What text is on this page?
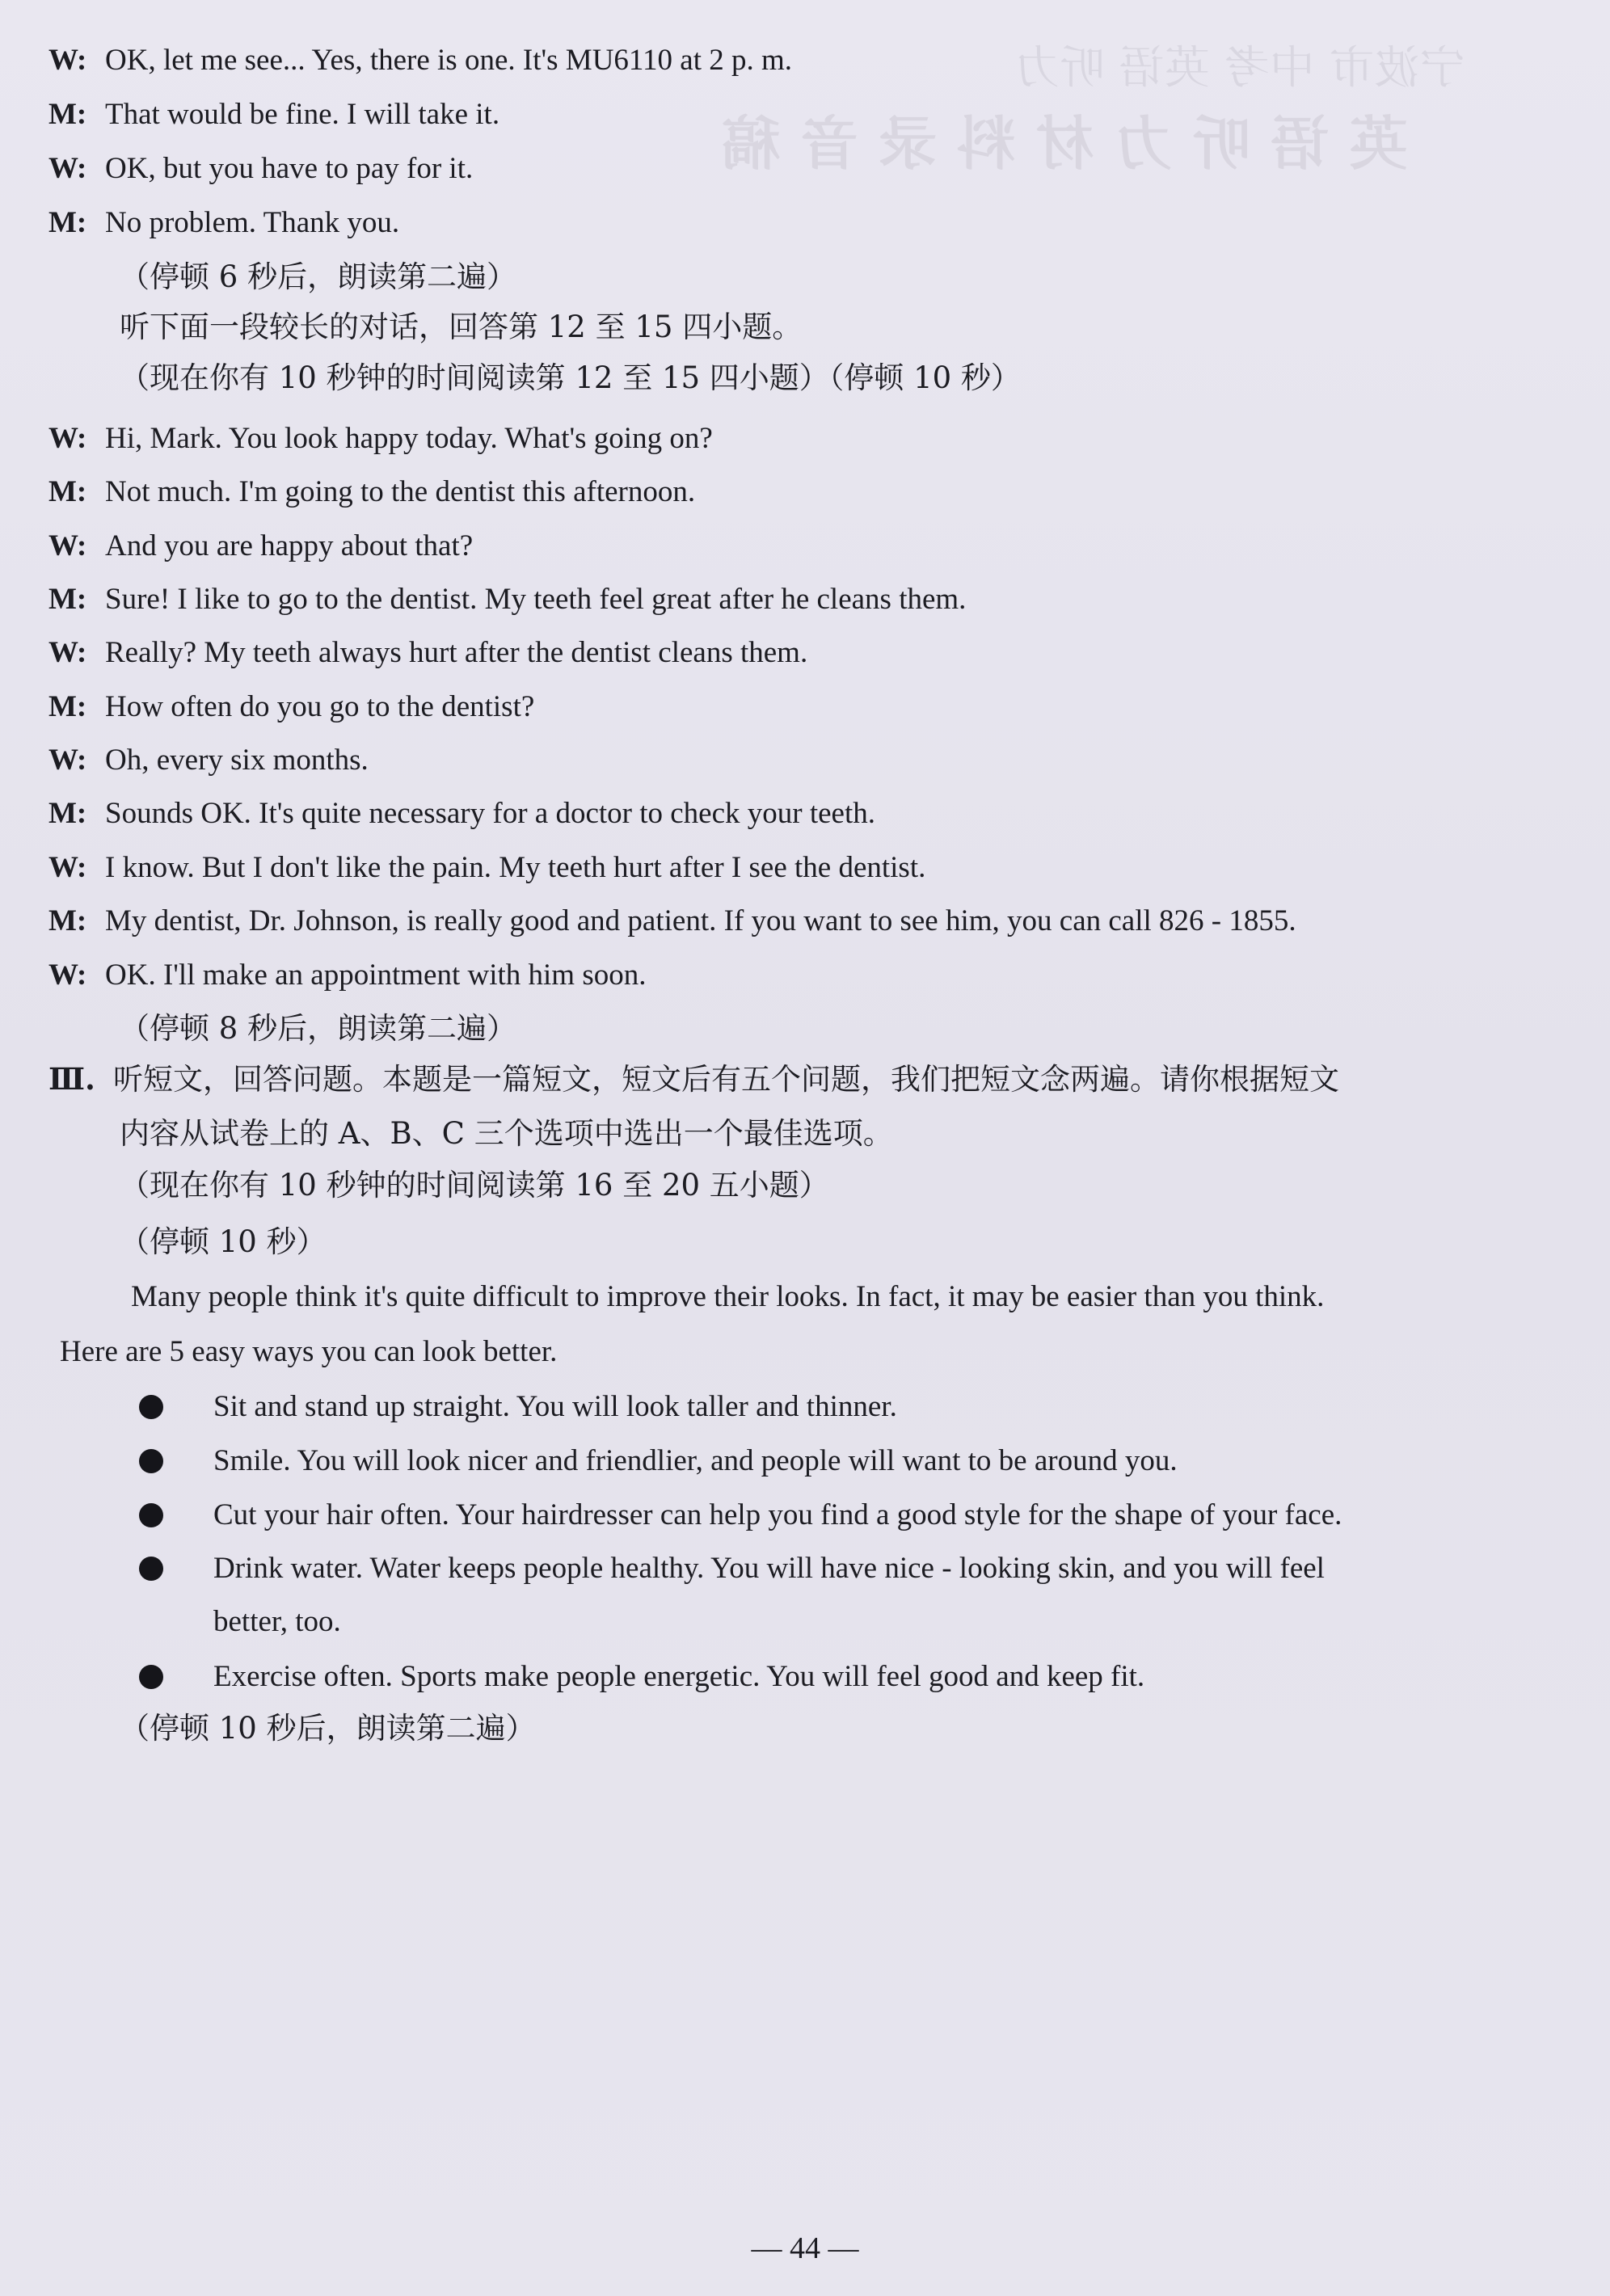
英 语 听 力 材 料 录 音 稿
宁波市 中考 英语 听力
W: OK, let me see... Yes, there is one. It's MU6110 at 2 p. m.
M: That would be fine. I will take it.
W: OK, but you have to pay for it.
M: No problem. Thank you.
（停顿 6 秒后，朗读第二遍）
听下面一段较长的对话，回答第 12 至 15 四小题。
（现在你有 10 秒钟的时间阅读第 12 至 15 四小题）（停顿 10 秒）
W: Hi, Mark. You look happy today. What's going on?
M: Not much. I'm going to the dentist this afternoon.
W: And you are happy about that?
M: Sure! I like to go to the dentist. My teeth feel great after he cleans them.
W: Really? My teeth always hurt after the dentist cleans them.
M: How often do you go to the dentist?
W: Oh, every six months.
M: Sounds OK. It's quite necessary for a doctor to check your teeth.
W: I know. But I don't like the pain. My teeth hurt after I see the dentist.
M: My dentist, Dr. Johnson, is really good and patient. If you want to see him, you can call 826 - 1855.
W: OK. I'll make an appointment with him soon.
（停顿 8 秒后，朗读第二遍）
Ⅲ. 听短文，回答问题。本题是一篇短文，短文后有五个问题，我们把短文念两遍。请你根据短文
内容从试卷上的 A、B、C 三个选项中选出一个最佳选项。
（现在你有 10 秒钟的时间阅读第 16 至 20 五小题）
（停顿 10 秒）
Many people think it's quite difficult to improve their looks. In fact, it may be easier than you think.
Here are 5 easy ways you can look better.
Sit and stand up straight. You will look taller and thinner.
Smile. You will look nicer and friendlier, and people will want to be around you.
Cut your hair often. Your hairdresser can help you find a good style for the shape of your face.
Drink water. Water keeps people healthy. You will have nice - looking skin, and you will feel
better, too.
Exercise often. Sports make people energetic. You will feel good and keep fit.
（停顿 10 秒后，朗读第二遍）
— 44 —
